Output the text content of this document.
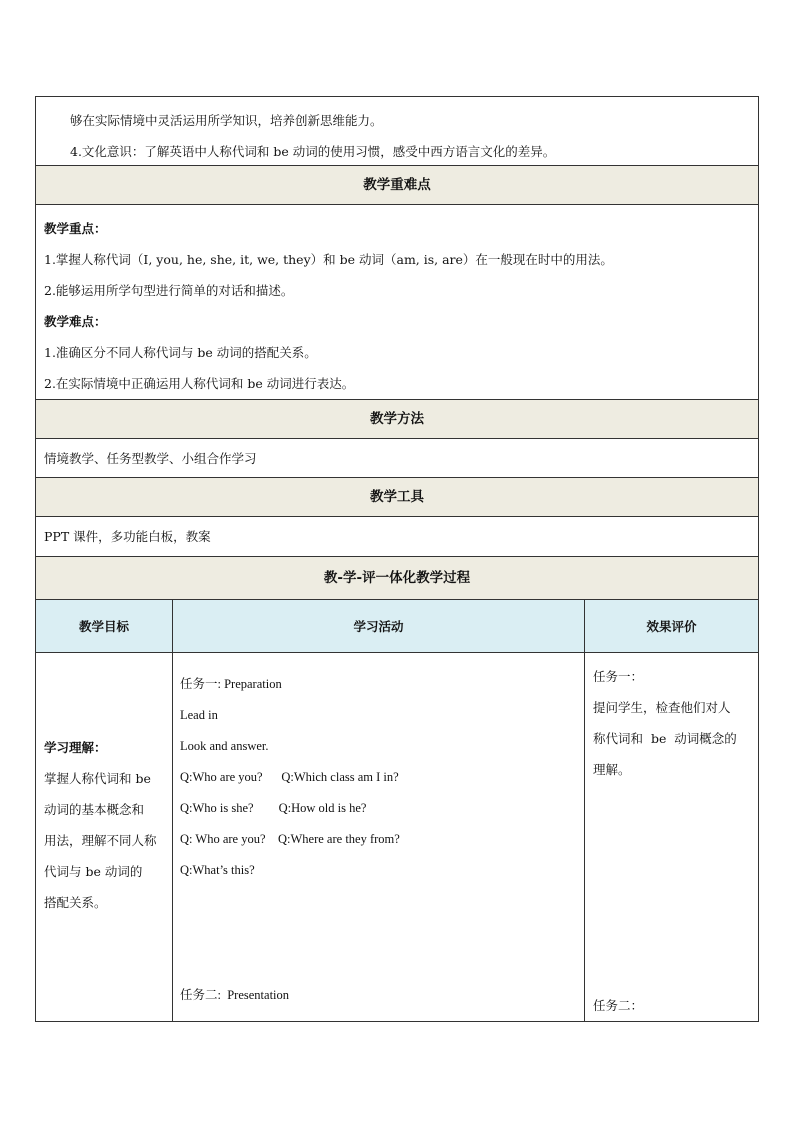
够在实际情境中灵活运用所学知识，培养创新思维能力。
4.文化意识：了解英语中人称代词和 be 动词的使用习惯，感受中西方语言文化的差异。
教学重难点
教学重点：
1.掌握人称代词（I, you, he, she, it, we, they）和 be 动词（am, is, are）在一般现在时中的用法。
2.能够运用所学句型进行简单的对话和描述。
教学难点：
1.准确区分不同人称代词与 be 动词的搭配关系。
2.在实际情境中正确运用人称代词和 be 动词进行表达。
教学方法
情境教学、任务型教学、小组合作学习
教学工具
PPT 课件，多功能白板，教案
教-学-评一体化教学过程
教学目标	学习活动	效果评价
学习理解：
掌握人称代词和 be
动词的基本概念和
用法，理解不同人称
代词与 be 动词的
搭配关系。
任务一: Preparation
Lead in
Look and answer.
Q:Who are you?      Q:Which class am I in?
Q:Who is she?        Q:How old is he?
Q: Who are you?    Q:Where are they from?
Q:What’s this?
任务二:  Presentation
任务一：
提问学生，检查他们对人
称代词和  be  动词概念的
理解。
任务二：
